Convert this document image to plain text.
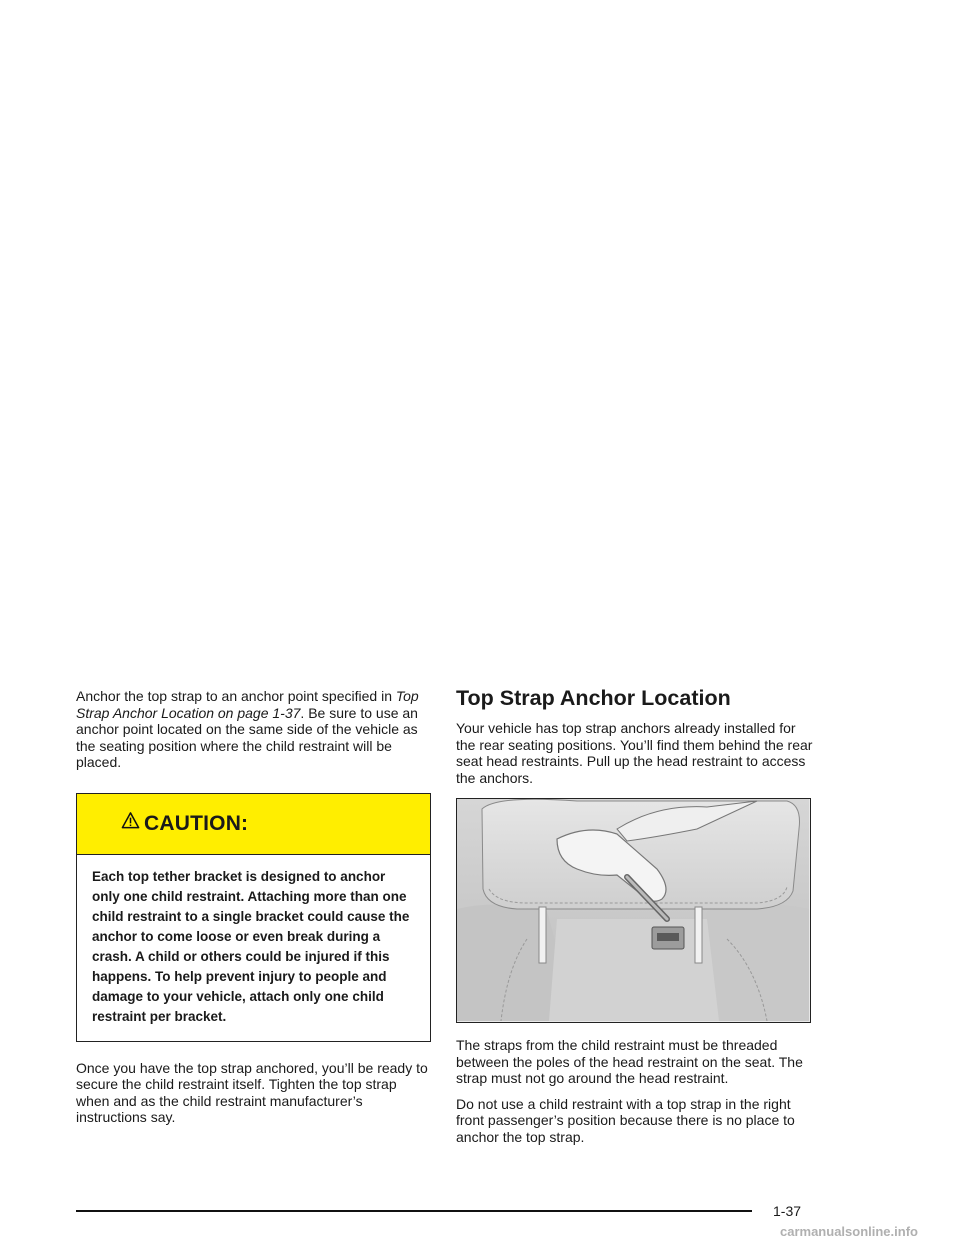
Anchor the top strap to an anchor point specified in Top Strap Anchor Location on page 1-37. Be sure to use an anchor point located on the same side of the vehicle as the seating position where the child restraint will be placed.

CAUTION:
Each top tether bracket is designed to anchor only one child restraint. Attaching more than one child restraint to a single bracket could cause the anchor to come loose or even break during a crash. A child or others could be injured if this happens. To help prevent injury to people and damage to your vehicle, attach only one child restraint per bracket.

Once you have the top strap anchored, you’ll be ready to secure the child restraint itself. Tighten the top strap when and as the child restraint manufacturer’s instructions say.

Top Strap Anchor Location

Your vehicle has top strap anchors already installed for the rear seating positions. You’ll find them behind the rear seat head restraints. Pull up the head restraint to access the anchors.

The straps from the child restraint must be threaded between the poles of the head restraint on the seat. The strap must not go around the head restraint.

Do not use a child restraint with a top strap in the right front passenger’s position because there is no place to anchor the top strap.

1-37
carmanualsonline.info
